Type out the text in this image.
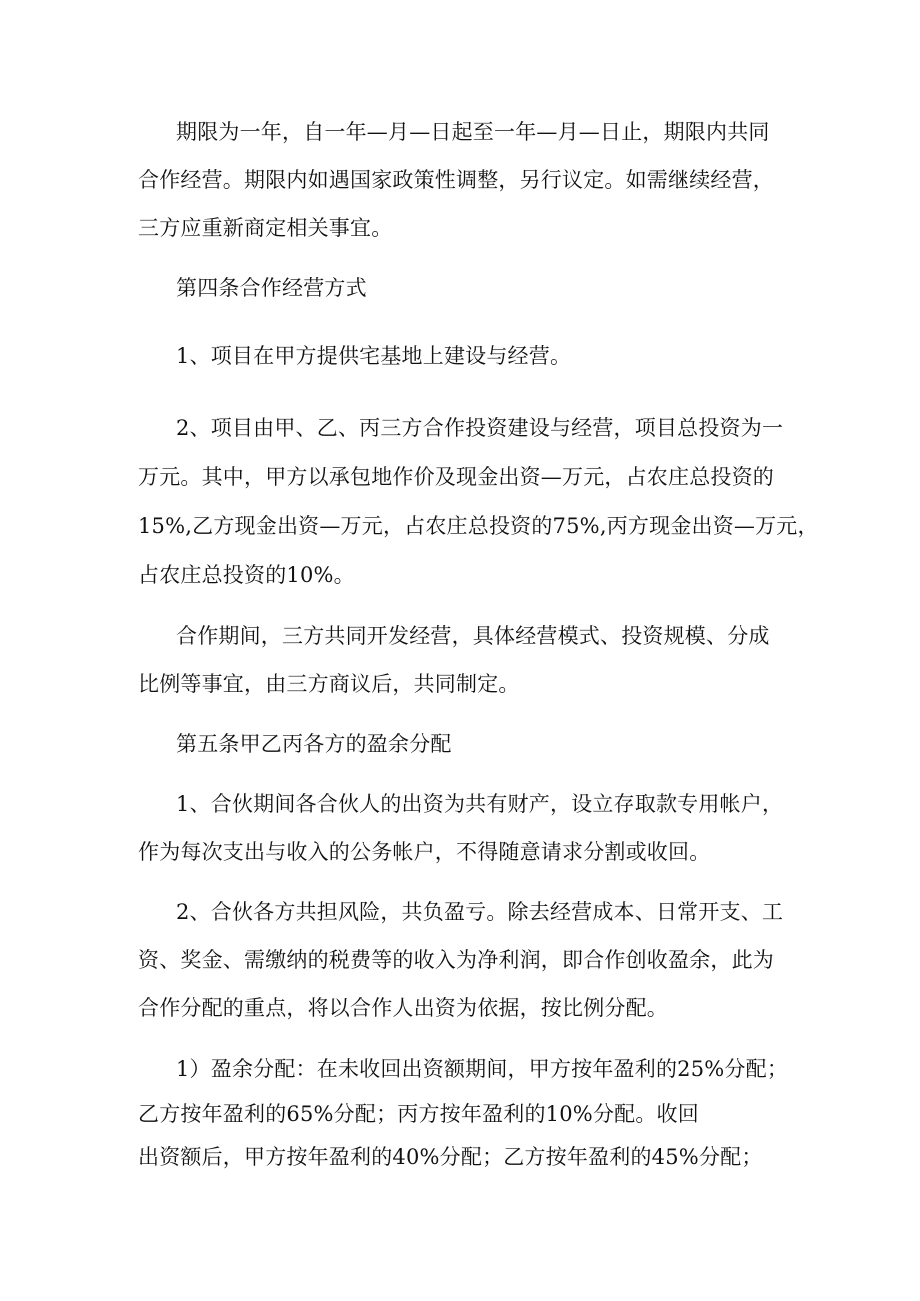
期限为一年，自一年—月—日起至一年—月—日止，期限内共同

合作经营。期限内如遇国家政策性调整，另行议定。如需继续经营，

三方应重新商定相关事宜。

第四条合作经营方式

1、项目在甲方提供宅基地上建设与经营。

2、项目由甲、乙、丙三方合作投资建设与经营，项目总投资为一

万元。其中，甲方以承包地作价及现金出资—万元，占农庄总投资的

15%,乙方现金出资—万元，占农庄总投资的75%,丙方现金出资—万元，

占农庄总投资的10%。

合作期间，三方共同开发经营，具体经营模式、投资规模、分成

比例等事宜，由三方商议后，共同制定。

第五条甲乙丙各方的盈余分配

1、合伙期间各合伙人的出资为共有财产，设立存取款专用帐户，

作为每次支出与收入的公务帐户，不得随意请求分割或收回。

2、合伙各方共担风险，共负盈亏。除去经营成本、日常开支、工

资、奖金、需缴纳的税费等的收入为净利润，即合作创收盈余，此为

合作分配的重点，将以合作人出资为依据，按比例分配。

1）盈余分配：在未收回出资额期间，甲方按年盈利的25%分配；

乙方按年盈利的65%分配；丙方按年盈利的10%分配。收回

出资额后，甲方按年盈利的40%分配；乙方按年盈利的45%分配；
